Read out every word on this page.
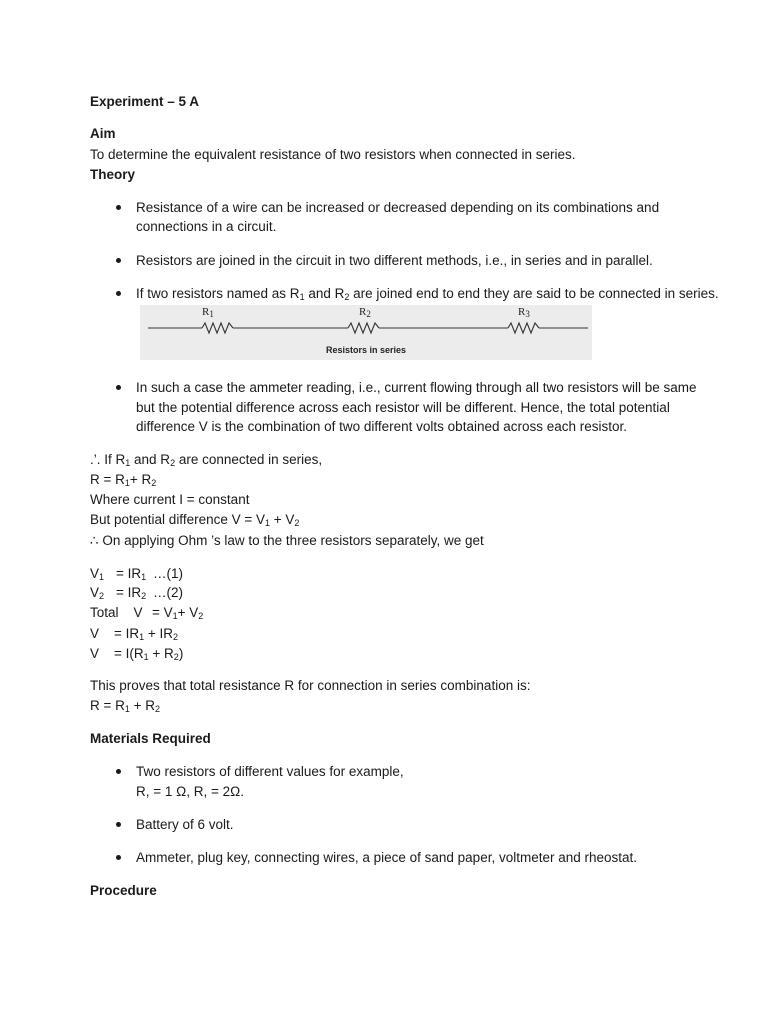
Experiment – 5 A
Aim
To determine the equivalent resistance of two resistors when connected in series.
Theory
Resistance of a wire can be increased or decreased depending on its combinations and
connections in a circuit.
Resistors are joined in the circuit in two different methods, i.e., in series and in parallel.
If two resistors named as $R_1$ and $R_2$ are joined end to end they are said to be connected in series.
$R_1$	$R_2$	$R_3$
Resistors in series
In such a case the ammeter reading, i.e., current flowing through all two resistors will be same
but the potential difference across each resistor will be different. Hence, the total potential
difference V is the combination of two different volts obtained across each resistor.
.’. If $R_1$ and $R_2$ are connected in series,
$R = R_1+ R_2$
Where current I = constant
But potential difference $V = V_1 + V_2$
∴ On applying Ohm ’s law to the three resistors separately, we get
$V_1 = IR_1$ …(1)
$V_2 = IR_2$ …(2)
Total    $V = V_1+ V_2$
$V = IR_1 + IR_2$
$V = I(R_1 + R_2)$
This proves that total resistance R for connection in series combination is:
$R = R_1 + R_2$
Materials Required
Two resistors of different values for example,
R, = 1 Ω, R, = 2Ω.
Battery of 6 volt.
Ammeter, plug key, connecting wires, a piece of sand paper, voltmeter and rheostat.
Procedure
